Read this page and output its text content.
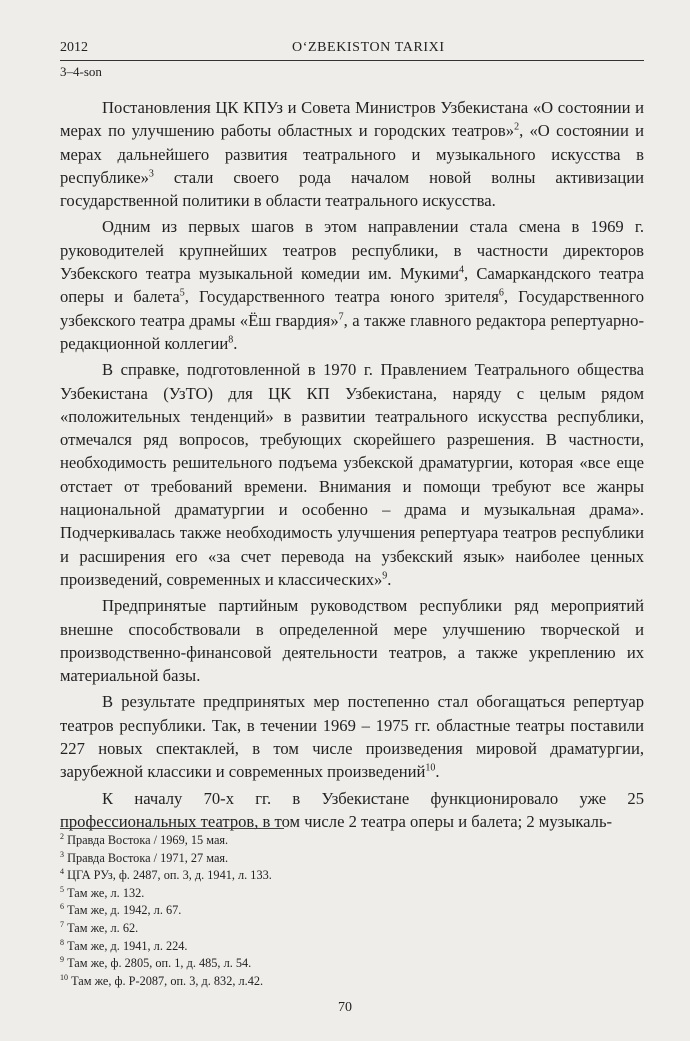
2012	O‘ZBEKISTON TARIXI
3–4-son

Постановления ЦК КПУз и Совета Министров Узбекистана «О состоянии и мерах по улучшению работы областных и городских театров»$^2$, «О состоянии и мерах дальнейшего развития театрального и музыкального искусства в республике»$^3$ стали своего рода началом новой волны активизации государственной политики в области театрального искусства.

Одним из первых шагов в этом направлении стала смена в 1969 г. руководителей крупнейших театров республики, в частности директоров Узбекского театра музыкальной комедии им. Мукими$^4$, Самаркандского театра оперы и балета$^5$, Государственного театра юного зрителя$^6$, Государственного узбекского театра драмы «Ёш гвардия»$^7$, а также главного редактора репертуарно-редакционной коллегии$^8$.

В справке, подготовленной в 1970 г. Правлением Театрального общества Узбекистана (УзТО) для ЦК КП Узбекистана, наряду с целым рядом «положительных тенденций» в развитии театрального искусства республики, отмечался ряд вопросов, требующих скорейшего разрешения. В частности, необходимость решительного подъема узбекской драматургии, которая «все еще отстает от требований времени. Внимания и помощи требуют все жанры национальной драматургии и особенно – драма и музыкальная драма». Подчеркивалась также необходимость улучшения репертуара театров республики и расширения его «за счет перевода на узбекский язык» наиболее ценных произведений, современных и классических»$^9$.

Предпринятые партийным руководством республики ряд мероприятий внешне способствовали в определенной мере улучшению творческой и производственно-финансовой деятельности театров, а также укреплению их материальной базы.

В результате предпринятых мер постепенно стал обогащаться репертуар театров республики. Так, в течении 1969 – 1975 гг. областные театры поставили 227 новых спектаклей, в том числе произведения мировой драматургии, зарубежной классики и современных произведений$^{10}$.

К началу 70-х гг. в Узбекистане функционировало уже 25 профессиональных театров, в том числе 2 театра оперы и балета; 2 музыкаль-

$^2$ Правда Востока / 1969, 15 мая.
$^3$ Правда Востока / 1971, 27 мая.
$^4$ ЦГА РУз, ф. 2487, оп. 3, д. 1941, л. 133.
$^5$ Там же, л. 132.
$^6$ Там же, д. 1942, л. 67.
$^7$ Там же, л. 62.
$^8$ Там же, д. 1941, л. 224.
$^9$ Там же, ф. 2805, оп. 1, д. 485, л. 54.
$^{10}$ Там же, ф. Р-2087, оп. 3, д. 832, л.42.
70
